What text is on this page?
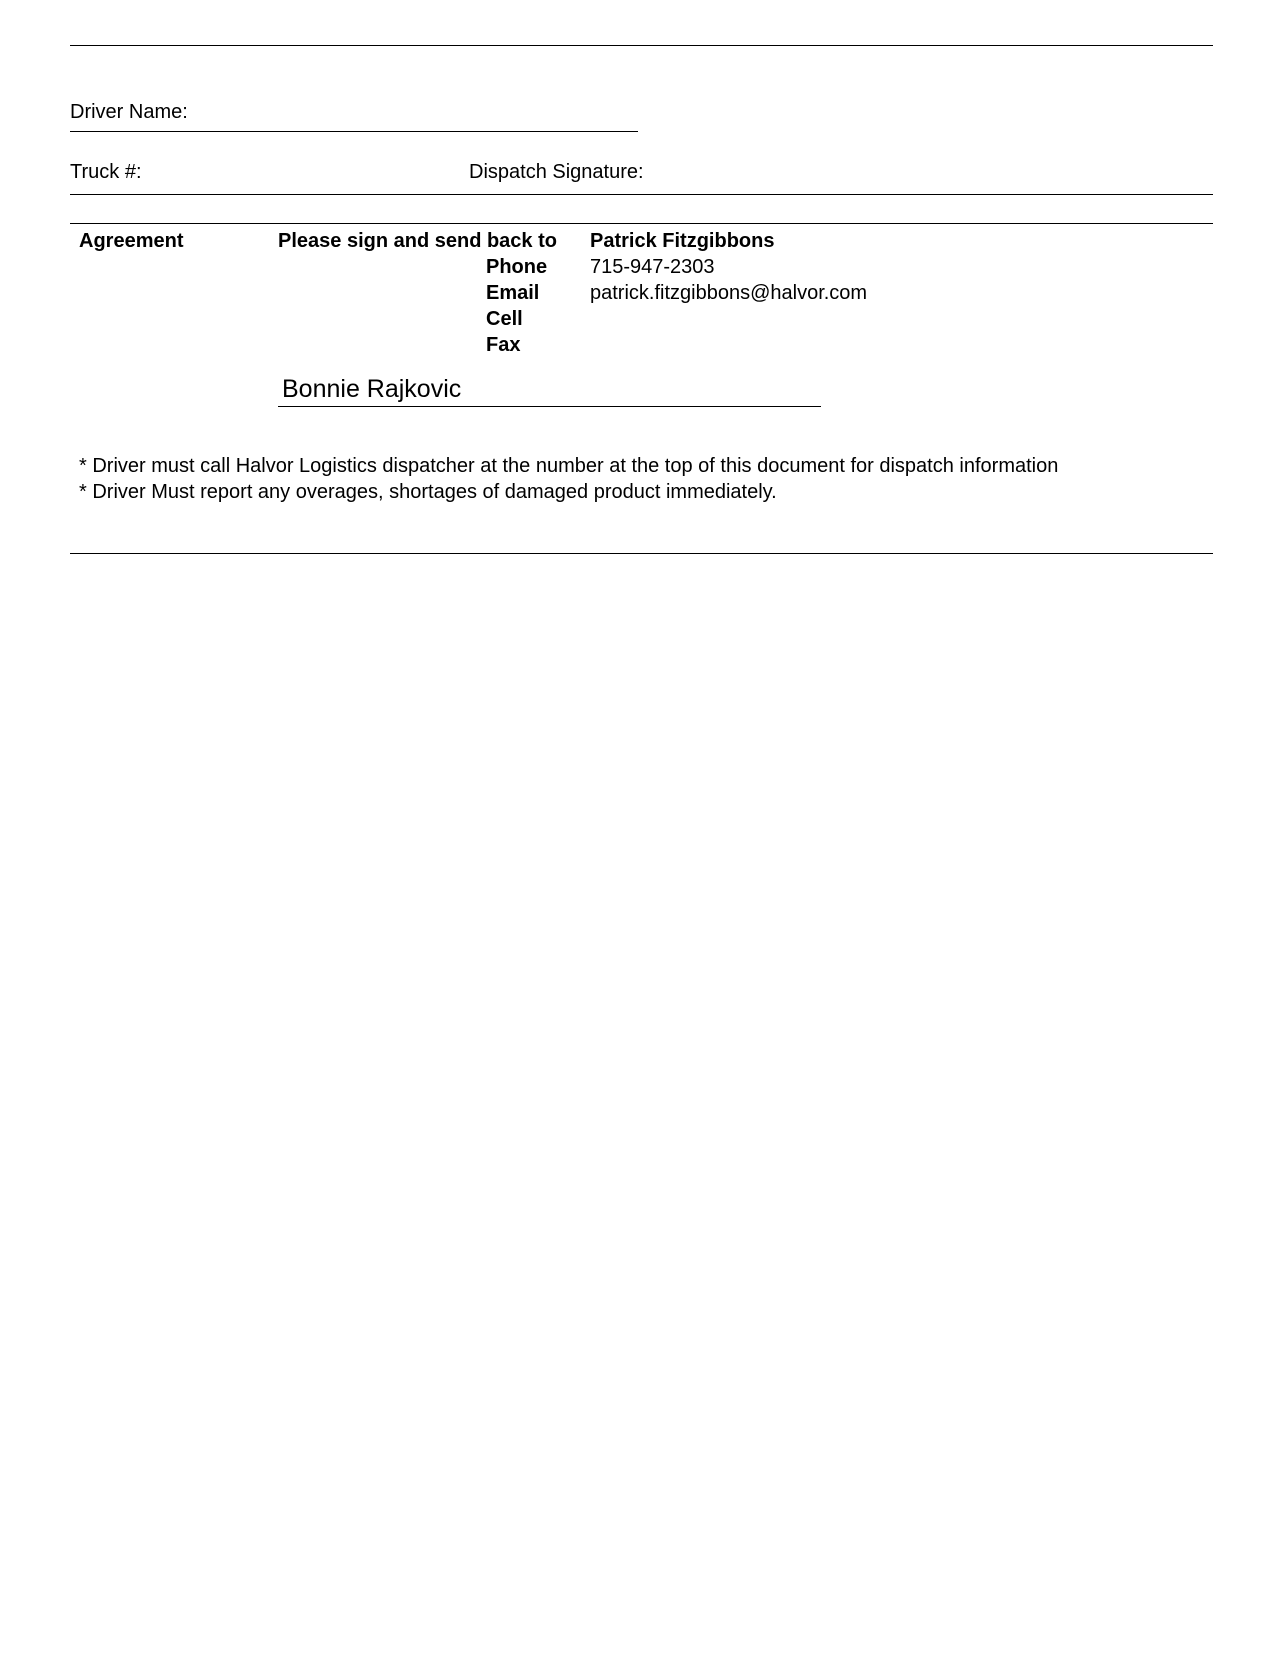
Driver Name:
Truck #:	Dispatch Signature:
Agreement	Please sign and send back to Patrick Fitzgibbons
Phone 715-947-2303
Email	patrick.fitzgibbons@halvor.com
Cell
Fax
Bonnie Rajkovic
* Driver must call Halvor Logistics dispatcher at the number at the top of this document for dispatch information
* Driver Must report any overages, shortages of damaged product immediately.
